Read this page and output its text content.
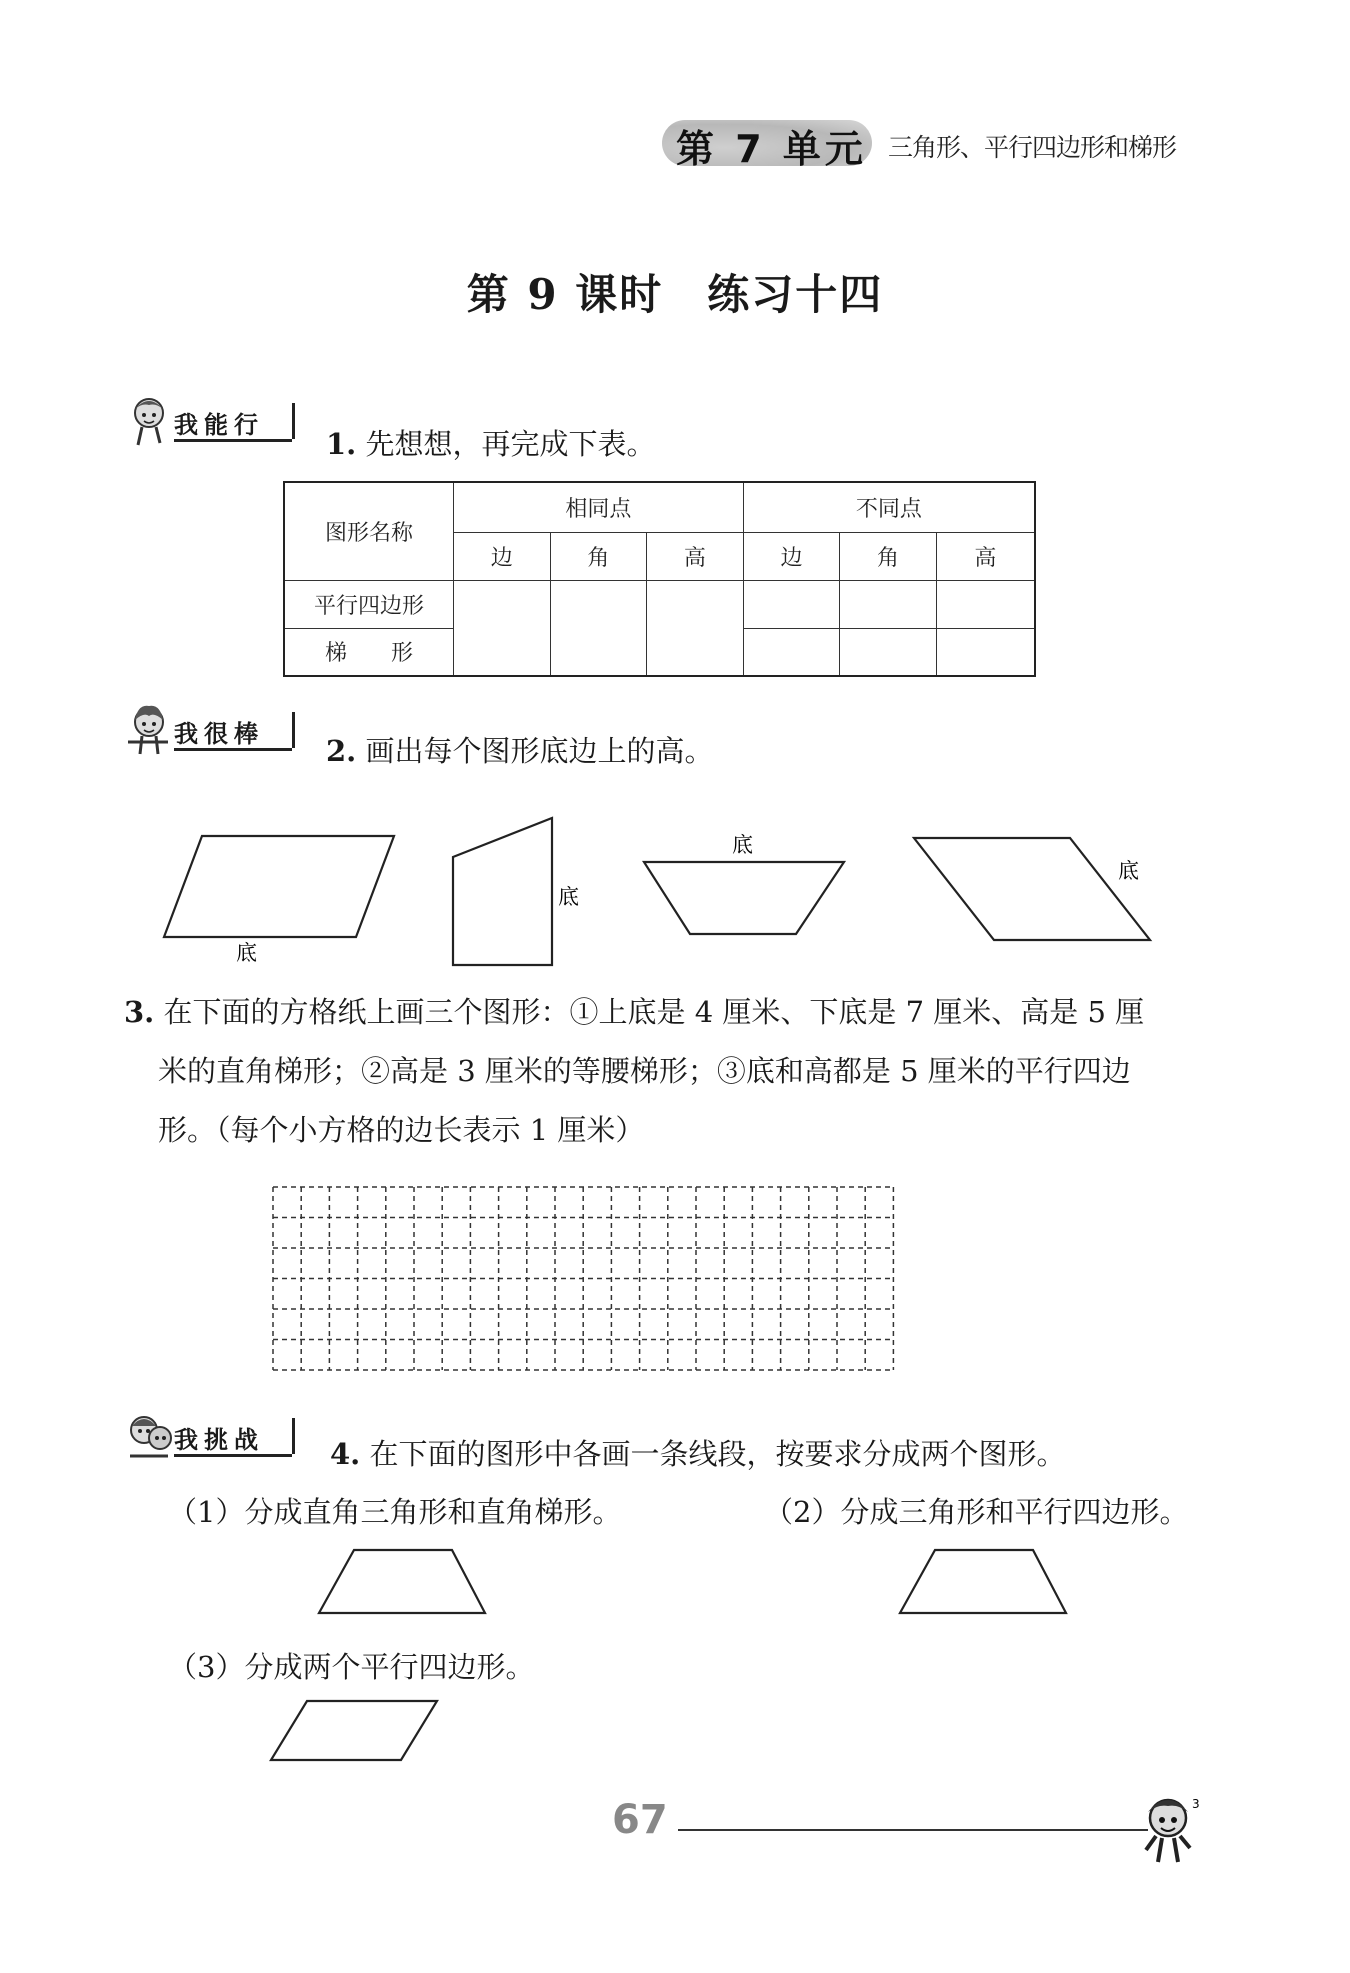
第 7 单元 三角形、平行四边形和梯形
第 9 课时　练习十四
我能行
1. 先想想，再完成下表。
图形名称	相同点			不同点		
	边	角	高	边	角	高
平行四边形						
梯　　形						
我很棒 2. 画出每个图形底边上的高。
底
底
底
底
3. 在下面的方格纸上画三个图形：①上底是 4 厘米、下底是 7 厘米、高是 5 厘
米的直角梯形；②高是 3 厘米的等腰梯形；③底和高都是 5 厘米的平行四边
形。（每个小方格的边长表示 1 厘米）
我挑战 4. 在下面的图形中各画一条线段，按要求分成两个图形。
（1）分成直角三角形和直角梯形。	（2）分成三角形和平行四边形。
（3）分成两个平行四边形。
67	3
